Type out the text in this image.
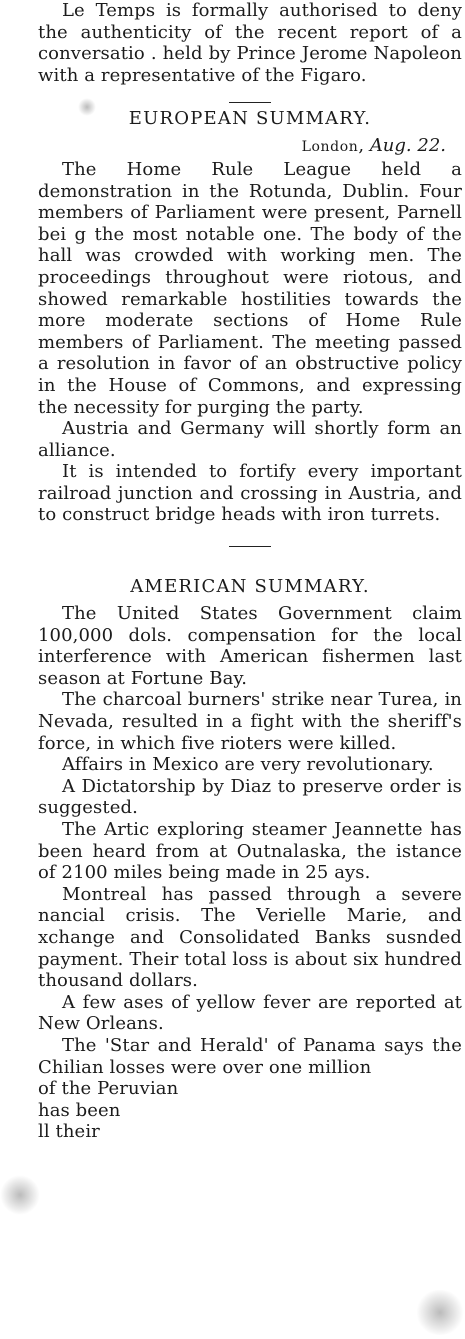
Le Temps is formally authorised to deny the authenticity of the recent report of a conversatio . held by Prince Jerome Napoleon with a representative of the Figaro.

EUROPEAN SUMMARY.

London, Aug. 22.

The Home Rule League held a demonstration in the Rotunda, Dublin. Four members of Parliament were present, Parnell bei g the most notable one. The body of the hall was crowded with working men. The proceedings throughout were riotous, and showed remarkable hostilities towards the more moderate sections of Home Rule members of Parliament. The meeting passed a resolution in favor of an obstructive policy in the House of Commons, and expressing the necessity for purging the party.

Austria and Germany will shortly form an alliance.

It is intended to fortify every important railroad junction and crossing in Austria, and to construct bridge heads with iron turrets.

AMERICAN SUMMARY.

The United States Government claim 100,000 dols. compensation for the local interference with American fishermen last season at Fortune Bay.

The charcoal burners' strike near Turea, in Nevada, resulted in a fight with the sheriff's force, in which five rioters were killed.

Affairs in Mexico are very revolutionary.

A Dictatorship by Diaz to preserve order is suggested.

The Artic exploring steamer Jeannette has been heard from at Outnalaska, the istance of 2100 miles being made in 25 ays.

Montreal has passed through a severe nancial crisis. The Verielle Marie, and xchange and Consolidated Banks susnded payment. Their total loss is about six hundred thousand dollars.

A few ases of yellow fever are reported at New Orleans.

The 'Star and Herald' of Panama says the Chilian losses were over one million

of the Peruvian

has been

ll their
